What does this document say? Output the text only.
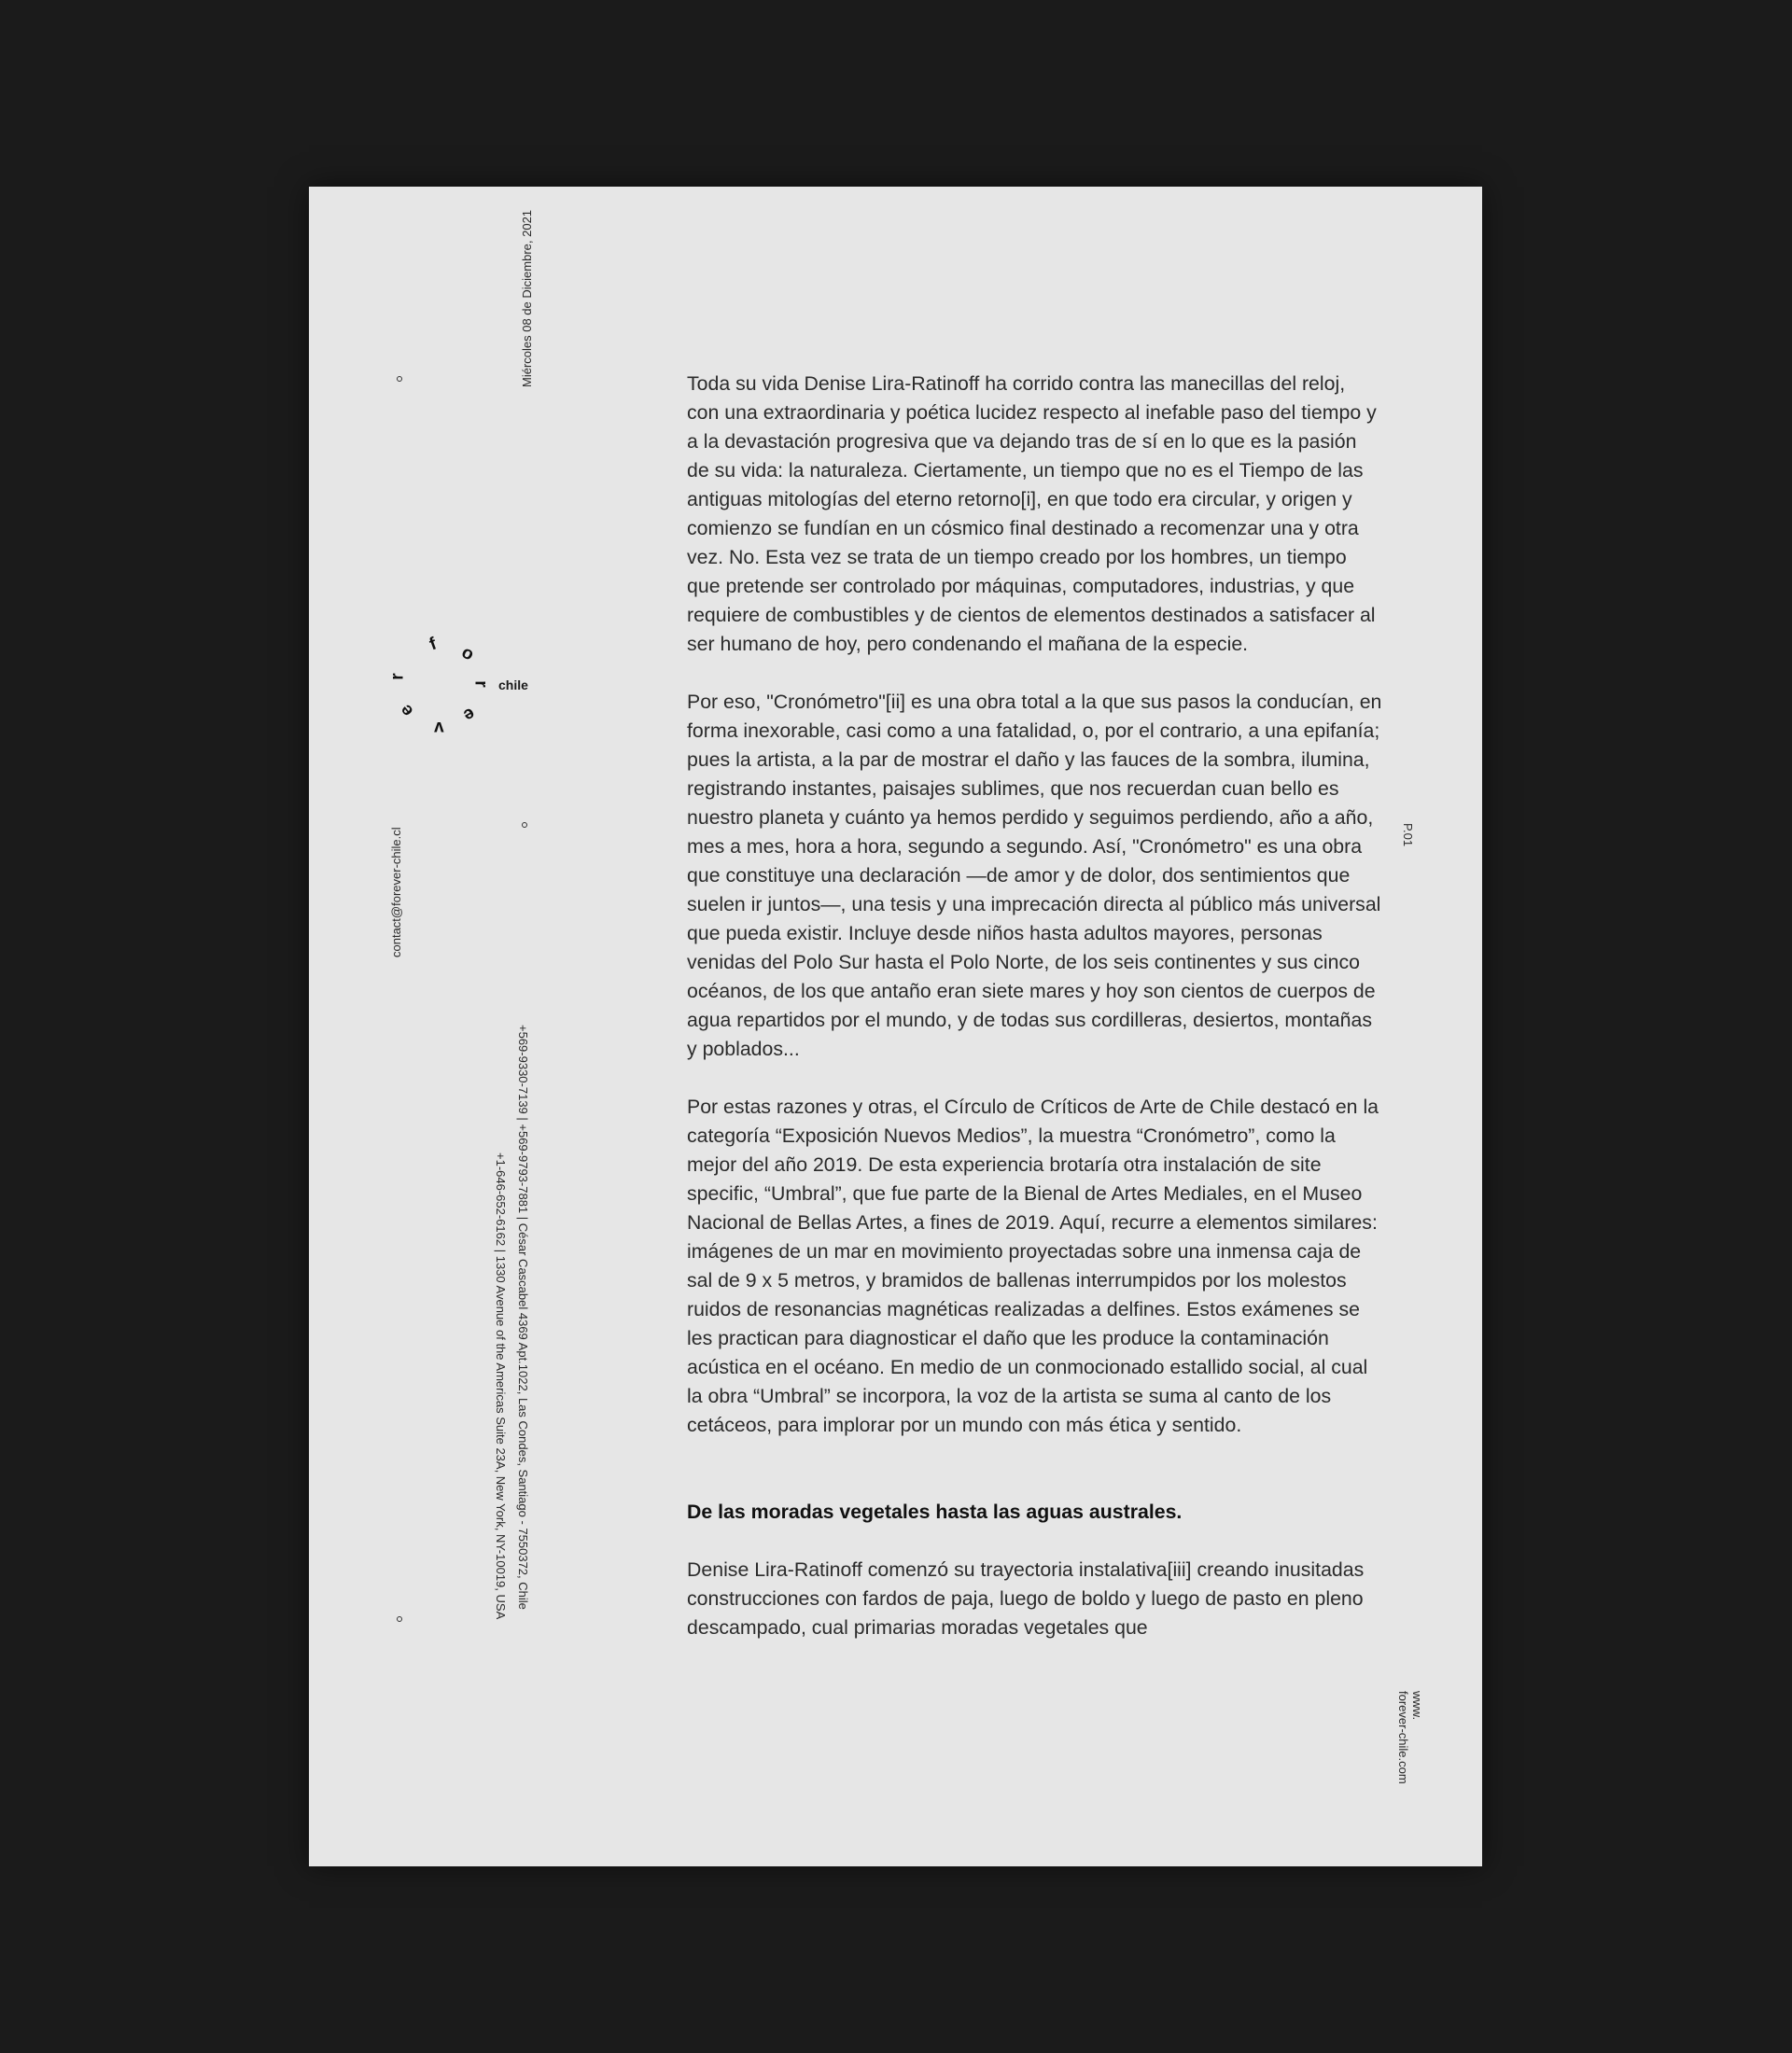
Miércoles 08 de Diciembre, 2021
f o
r
e
v
e
r
chile
contact@forever-chile.cl
+569-9330-7139 | +569-9793-7881 | César Cascabel 4369 Apt.1022, Las Condes, Santiago - 7550372, Chile
+1-646-652-6162 | 1330 Avenue of the Americas Suite 23A, New York, NY-10019, USA
P.01
www.
forever-chile.com

Toda su vida Denise Lira-Ratinoff ha corrido contra las manecillas del reloj, con una extraordinaria y poética lucidez respecto al inefable paso del tiempo y a la devastación progresiva que va dejando tras de sí en lo que es la pasión de su vida: la naturaleza. Ciertamente, un tiempo que no es el Tiempo de las antiguas mitologías del eterno retorno[i], en que todo era circular, y origen y comienzo se fundían en un cósmico final destinado a recomenzar una y otra vez. No. Esta vez se trata de un tiempo creado por los hombres, un tiempo que pretende ser controlado por máquinas, computadores, industrias, y que requiere de combustibles y de cientos de elementos destinados a satisfacer al ser humano de hoy, pero condenando el mañana de la especie.

Por eso, "Cronómetro"[ii] es una obra total a la que sus pasos la conducían, en forma inexorable, casi como a una fatalidad, o, por el contrario, a una epifanía; pues la artista, a la par de mostrar el daño y las fauces de la sombra, ilumina, registrando instantes, paisajes sublimes, que nos recuerdan cuan bello es nuestro planeta y cuánto ya hemos perdido y seguimos perdiendo, año a año, mes a mes, hora a hora, segundo a segundo. Así, "Cronómetro" es una obra que constituye una declaración —de amor y de dolor, dos sentimientos que suelen ir juntos—, una tesis y una imprecación directa al público más universal que pueda existir. Incluye desde niños hasta adultos mayores, personas venidas del Polo Sur hasta el Polo Norte, de los seis continentes y sus cinco océanos, de los que antaño eran siete mares y hoy son cientos de cuerpos de agua repartidos por el mundo, y de todas sus cordilleras, desiertos, montañas y poblados...

Por estas razones y otras, el Círculo de Críticos de Arte de Chile destacó en la categoría “Exposición Nuevos Medios”, la muestra “Cronómetro”, como la mejor del año 2019. De esta experiencia brotaría otra instalación de site specific, “Umbral”, que fue parte de la Bienal de Artes Mediales, en el Museo Nacional de Bellas Artes, a fines de 2019. Aquí, recurre a elementos similares: imágenes de un mar en movimiento proyectadas sobre una inmensa caja de sal de 9 x 5 metros, y bramidos de ballenas interrumpidos por los molestos ruidos de resonancias magnéticas realizadas a delfines. Estos exámenes se les practican para diagnosticar el daño que les produce la contaminación acústica en el océano. En medio de un conmocionado estallido social, al cual la obra “Umbral” se incorpora, la voz de la artista se suma al canto de los cetáceos, para implorar por un mundo con más ética y sentido.

De las moradas vegetales hasta las aguas australes.

Denise Lira-Ratinoff comenzó su trayectoria instalativa[iii] creando inusitadas construcciones con fardos de paja, luego de boldo y luego de pasto en pleno descampado, cual primarias moradas vegetales que
